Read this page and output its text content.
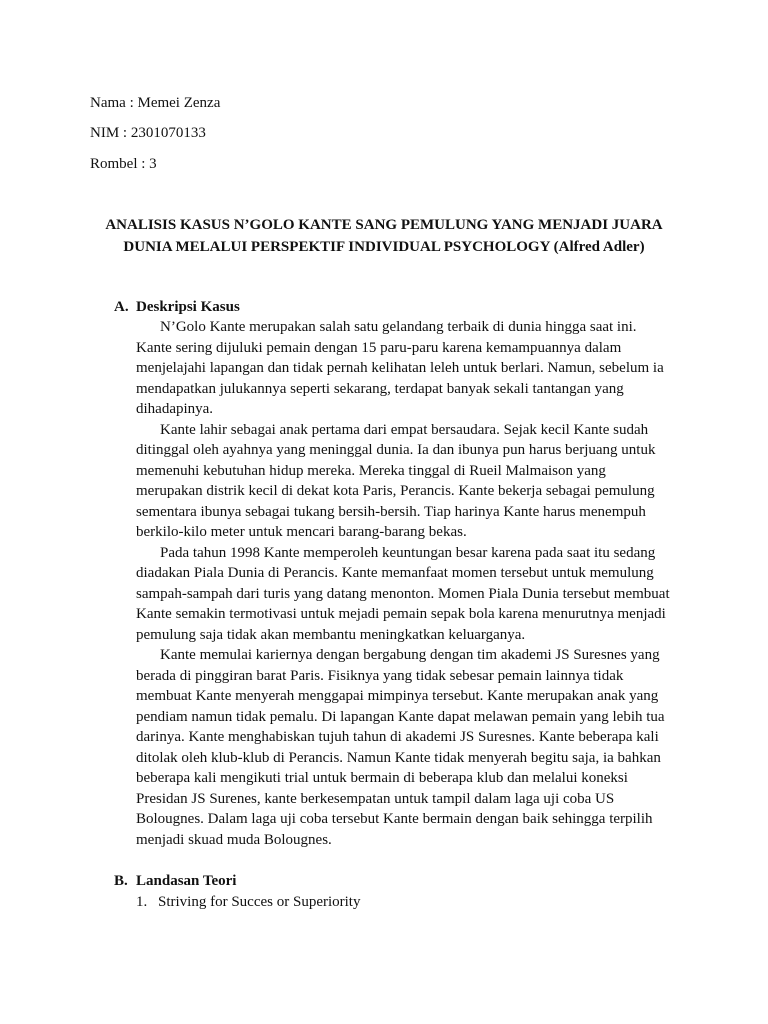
Nama : Memei Zenza

NIM : 2301070133

Rombel : 3

ANALISIS KASUS N’GOLO KANTE SANG PEMULUNG YANG MENJADI JUARA DUNIA MELALUI PERSPEKTIF INDIVIDUAL PSYCHOLOGY (Alfred Adler)

A. Deskripsi Kasus

N’Golo Kante merupakan salah satu gelandang terbaik di dunia hingga saat ini. Kante sering dijuluki pemain dengan 15 paru-paru karena kemampuannya dalam menjelajahi lapangan dan tidak pernah kelihatan leleh untuk berlari. Namun, sebelum ia mendapatkan julukannya seperti sekarang, terdapat banyak sekali tantangan yang dihadapinya.

Kante lahir sebagai anak pertama dari empat bersaudara. Sejak kecil Kante sudah ditinggal oleh ayahnya yang meninggal dunia. Ia dan ibunya pun harus berjuang untuk memenuhi kebutuhan hidup mereka. Mereka tinggal di Rueil Malmaison yang merupakan distrik kecil di dekat kota Paris, Perancis. Kante bekerja sebagai pemulung sementara ibunya sebagai tukang bersih-bersih. Tiap harinya Kante harus menempuh berkilo-kilo meter untuk mencari barang-barang bekas.

Pada tahun 1998 Kante memperoleh keuntungan besar karena pada saat itu sedang diadakan Piala Dunia di Perancis. Kante memanfaat momen tersebut untuk memulung sampah-sampah dari turis yang datang menonton. Momen Piala Dunia tersebut membuat Kante semakin termotivasi untuk mejadi pemain sepak bola karena menurutnya menjadi pemulung saja tidak akan membantu meningkatkan keluarganya.

Kante memulai kariernya dengan bergabung dengan tim akademi JS Suresnes yang berada di pinggiran barat Paris. Fisiknya yang tidak sebesar pemain lainnya tidak membuat Kante menyerah menggapai mimpinya tersebut. Kante merupakan anak yang pendiam namun tidak pemalu. Di lapangan Kante dapat melawan pemain yang lebih tua darinya. Kante menghabiskan tujuh tahun di akademi JS Suresnes. Kante beberapa kali ditolak oleh klub-klub di Perancis. Namun Kante tidak menyerah begitu saja, ia bahkan beberapa kali mengikuti trial untuk bermain di beberapa klub dan melalui koneksi Presidan JS Surenes, kante berkesempatan untuk tampil dalam laga uji coba US Bolougnes. Dalam laga uji coba tersebut Kante bermain dengan baik sehingga terpilih menjadi skuad muda Bolougnes.

B. Landasan Teori

1. Striving for Succes or Superiority
